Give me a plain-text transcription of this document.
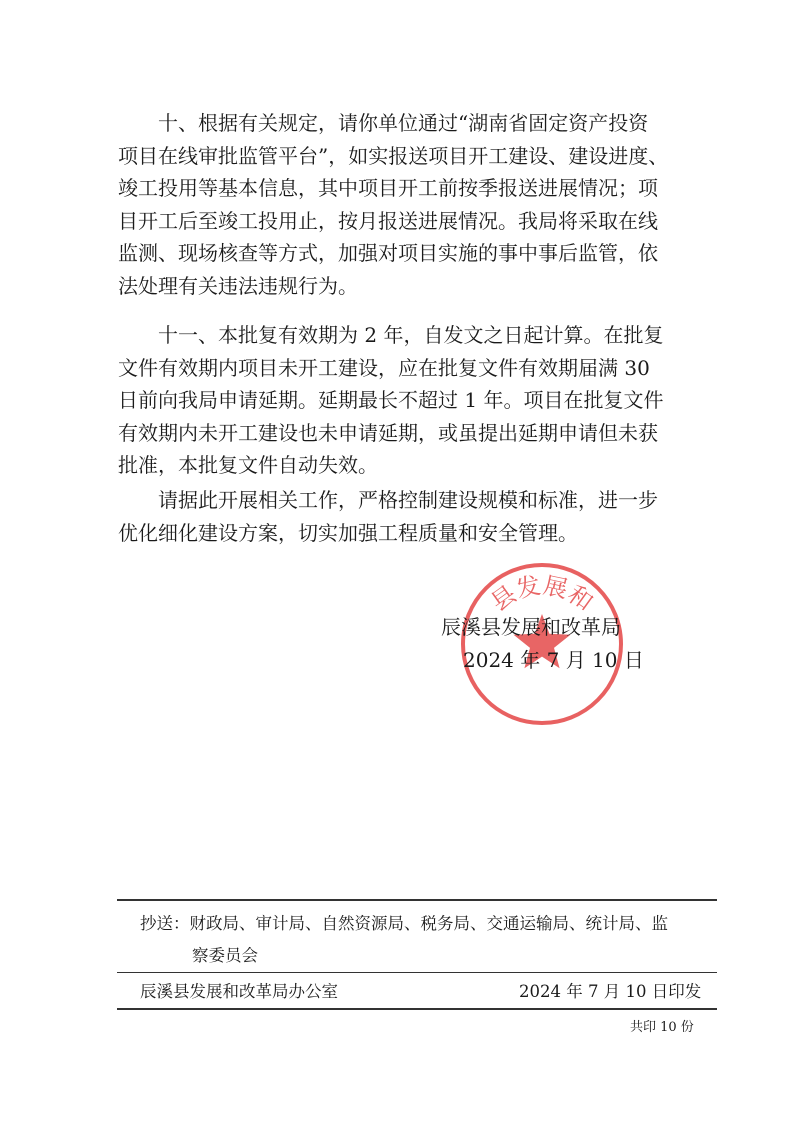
十、根据有关规定，请你单位通过“湖南省固定资产投资
项目在线审批监管平台”，如实报送项目开工建设、建设进度、
竣工投用等基本信息，其中项目开工前按季报送进展情况；项
目开工后至竣工投用止，按月报送进展情况。我局将采取在线
监测、现场核查等方式，加强对项目实施的事中事后监管，依
法处理有关违法违规行为。
十一、本批复有效期为 2 年，自发文之日起计算。在批复
文件有效期内项目未开工建设，应在批复文件有效期届满 30
日前向我局申请延期。延期最长不超过 1 年。项目在批复文件
有效期内未开工建设也未申请延期，或虽提出延期申请但未获
批准，本批复文件自动失效。
请据此开展相关工作，严格控制建设规模和标准，进一步
优化细化建设方案，切实加强工程质量和安全管理。
县发展和
辰溪县发展和改革局
2024 年 7 月 10 日
抄送：财政局、审计局、自然资源局、税务局、交通运输局、统计局、监
察委员会
辰溪县发展和改革局办公室	2024 年 7 月 10 日印发
共印 10 份
